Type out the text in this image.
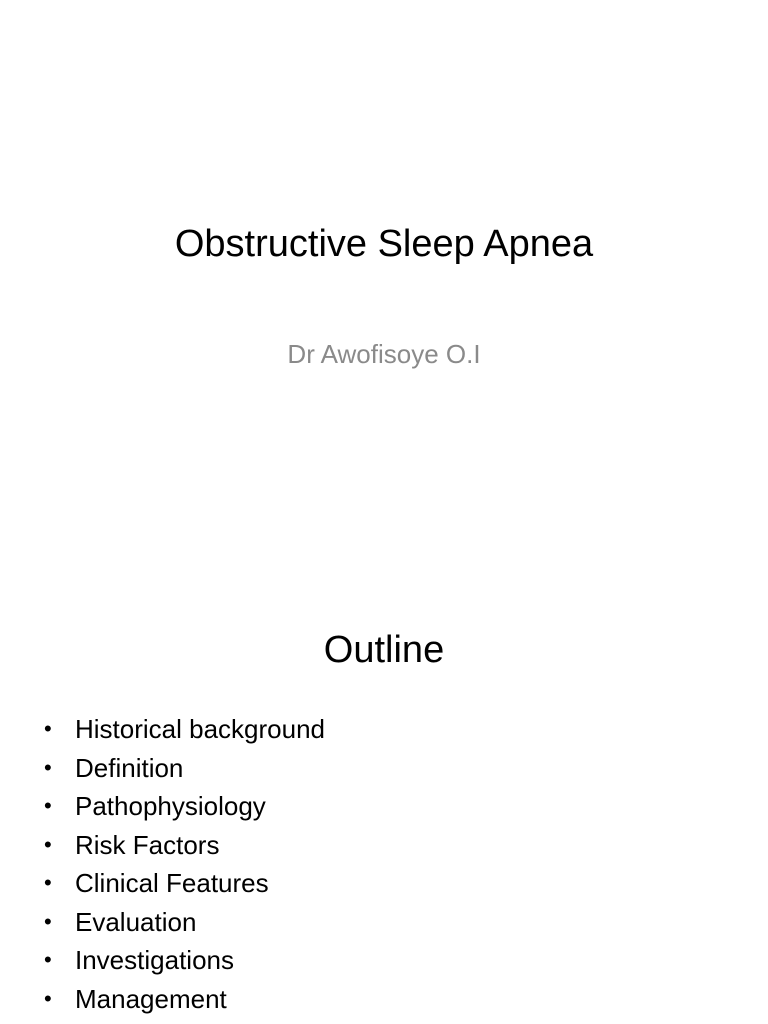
Obstructive Sleep Apnea
Dr Awofisoye O.I
Outline
• Historical background
• Definition
• Pathophysiology
• Risk Factors
• Clinical Features
• Evaluation
• Investigations
• Management
